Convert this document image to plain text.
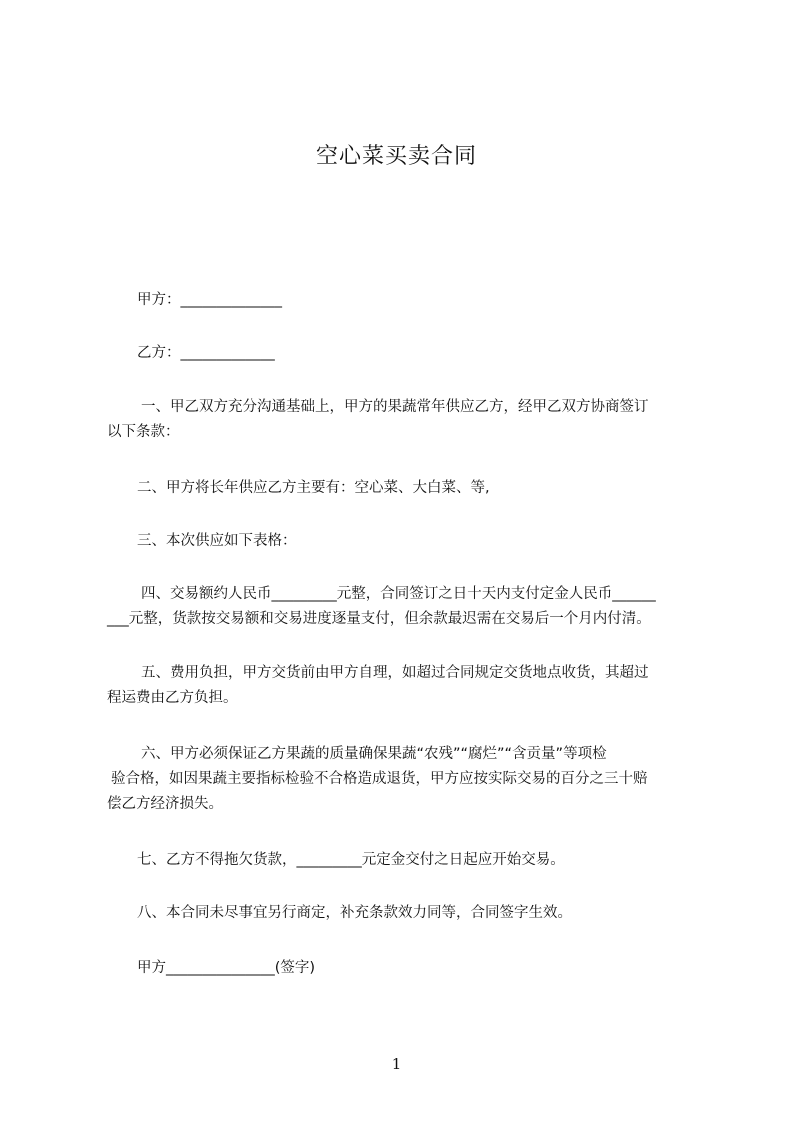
空心菜买卖合同

甲方：______________

乙方：_____________

一、甲乙双方充分沟通基础上，甲方的果蔬常年供应乙方，经甲乙双方协商签订
以下条款：

二、甲方将长年供应乙方主要有：空心菜、大白菜、等,

三、本次供应如下表格：

四、交易额约人民币_________元整，合同签订之日十天内支付定金人民币______
___元整，货款按交易额和交易进度逐量支付，但余款最迟需在交易后一个月内付清。

五、费用负担，甲方交货前由甲方自理，如超过合同规定交货地点收货，其超过
程运费由乙方负担。

六、甲方必须保证乙方果蔬的质量确保果蔬“农残”“腐烂”“含贡量”等项检
验合格，如因果蔬主要指标检验不合格造成退货，甲方应按实际交易的百分之三十赔
偿乙方经济损失。

七、乙方不得拖欠货款，_________元定金交付之日起应开始交易。

八、本合同未尽事宜另行商定，补充条款效力同等，合同签字生效。

甲方_______________(签字)

1
